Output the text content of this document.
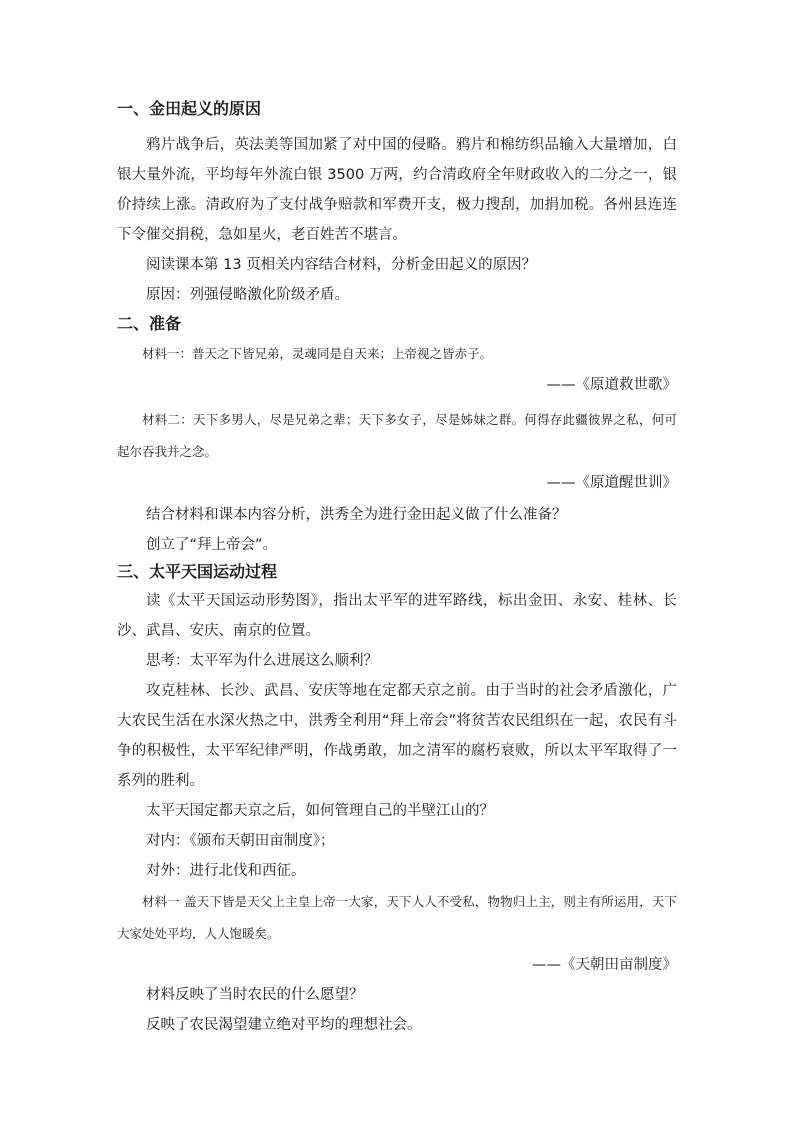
一、金田起义的原因

鸦片战争后，英法美等国加紧了对中国的侵略。鸦片和棉纺织品输入大量增加，白银大量外流，平均每年外流白银 3500 万两，约合清政府全年财政收入的二分之一，银价持续上涨。清政府为了支付战争赔款和军费开支，极力搜刮，加捐加税。各州县连连下令催交捐税，急如星火，老百姓苦不堪言。

阅读课本第 13 页相关内容结合材料，分析金田起义的原因？

原因：列强侵略激化阶级矛盾。

二、准备

材料一：普天之下皆兄弟，灵魂同是自天来；上帝视之皆赤子。

——《原道救世歌》

材料二：天下多男人，尽是兄弟之辈；天下多女子，尽是姊妹之群。何得存此疆彼界之私，何可起尔吞我并之念。

——《原道醒世训》

结合材料和课本内容分析，洪秀全为进行金田起义做了什么准备？

创立了“拜上帝会”。

三、太平天国运动过程

读《太平天国运动形势图》，指出太平军的进军路线，标出金田、永安、桂林、长沙、武昌、安庆、南京的位置。

思考：太平军为什么进展这么顺利？

攻克桂林、长沙、武昌、安庆等地在定都天京之前。由于当时的社会矛盾激化，广大农民生活在水深火热之中，洪秀全利用“拜上帝会”将贫苦农民组织在一起，农民有斗争的积极性，太平军纪律严明，作战勇敢，加之清军的腐朽衰败，所以太平军取得了一系列的胜利。

太平天国定都天京之后，如何管理自己的半壁江山的？

对内：《颁布天朝田亩制度》；

对外：进行北伐和西征。

材料一 盖天下皆是天父上主皇上帝一大家，天下人人不受私，物物归上主，则主有所运用，天下大家处处平均，人人饱暖矣。

——《天朝田亩制度》

材料反映了当时农民的什么愿望？

反映了农民渴望建立绝对平均的理想社会。
